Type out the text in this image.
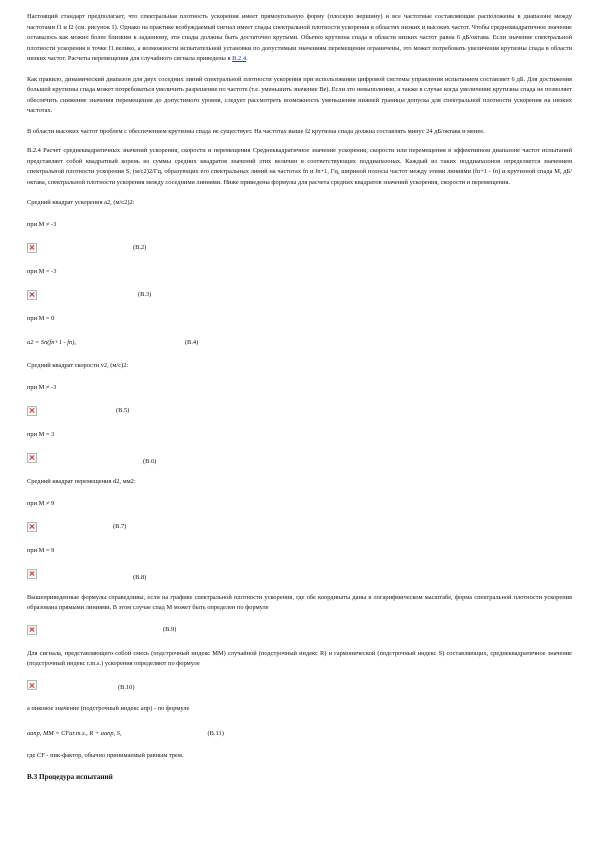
Настоящий стандарт предполагает, что спектральная плотность ускорения имеет прямоугольную форму (плоскую вершину) и все частотные составляющие расположены в диапазоне между частотами f1 и f2 (см. рисунок 1). Однако на практике возбуждаемый сигнал имеет спады спектральной плотности ускорения в областях низких и высоких частот. Чтобы среднеквадратичное значение оставалось как можно более близким к заданному, эти спады должны быть достаточно крутыми. Обычно крутизна спада в области низких частот равна 6 дБ/октава. Если значение спектральной плотности ускорения в точке f1 велико, а возможности испытательной установки по допустимым значениям перемещения ограничены, это может потребовать увеличения крутизны спада в области низких частот. Расчеты перемещения для случайного сигнала приведены в В.2.4.

Как правило, динамический диапазон для двух соседних линий спектральной плотности ускорения при использовании цифровой системы управления испытанием составляет 6 дБ. Для достижения большей крутизны спада может потребоваться увеличить разрешение по частоте (т.е. уменьшить значение Bе). Если это невыполнимо, а также в случае когда увеличение крутизны спада не позволяет обеспечить снижение значения перемещения до допустимого уровня, следует рассмотреть возможность уменьшения нижней границы допуска для спектральной плотности ускорения на низких частотах.

В области высоких частот проблем с обеспечением крутизны спада не существует. На частотах выше f2 крутизна спада должна составлять минус 24 дБ/октава и менее.

В.2.4 Расчет среднеквадратичных значений ускорения, скорости и перемещения Среднеквадратичное значение ускорения, скорости или перемещения в эффективном диапазоне частот испытаний представляет собой квадратный корень из суммы средних квадратов значений этих величин в соответствующих поддиапазонах. Каждый из таких поддиапазонов определяется значением спектральной плотности ускорения S, (м/с2)2/Гц, образующих его спектральных линий на частотах fn и fn+1, Гц, шириной полосы частот между этими линиями (fn+1 - fn) и крутизной спада M, дБ/октава, спектральной плотности ускорения между соседними линиями. Ниже приведены формулы для расчета средних квадратов значений ускорения, скорости и перемещения.

Средний квадрат ускорения a2, (м/с2)2:
при M ≠ -3
(В.2)
при M = -3
(В.3)
при M = 0
a2 = Sn(fn+1 - fn),	(В.4)
Средний квадрат скорости v2, (м/с)2:
при M ≠ -3
(В.5)
при M = 3
(В.6)
Средний квадрат перемещения d2, мм2:
при M ≠ 9
(В.7)
при M = 9
(В.8)

Вышеприведенные формулы справедливы, если на графике спектральной плотности ускорения, где обе координаты даны в логарифмическом масштабе, форма спектральной плотности ускорения образована прямыми линиями. В этом случае спад M может быть определен по формуле

(В.9)

Для сигнала, представляющего собой смесь (подстрочный индекс MM) случайной (подстрочный индекс R) и гармонической (подстрочный индекс S) составляющих, среднеквадратичное значение (подстрочный индекс r.m.s.) ускорения определяют по формуле

(В.10)
а пиковое значение (подстрочный индекс aпр) - по формуле
aапр, MM = CFar.m.s., R + aапр, S,	(В.11)
где CF - пик-фактор, обычно принимаемый равным трем.
В.3 Процедура испытаний
